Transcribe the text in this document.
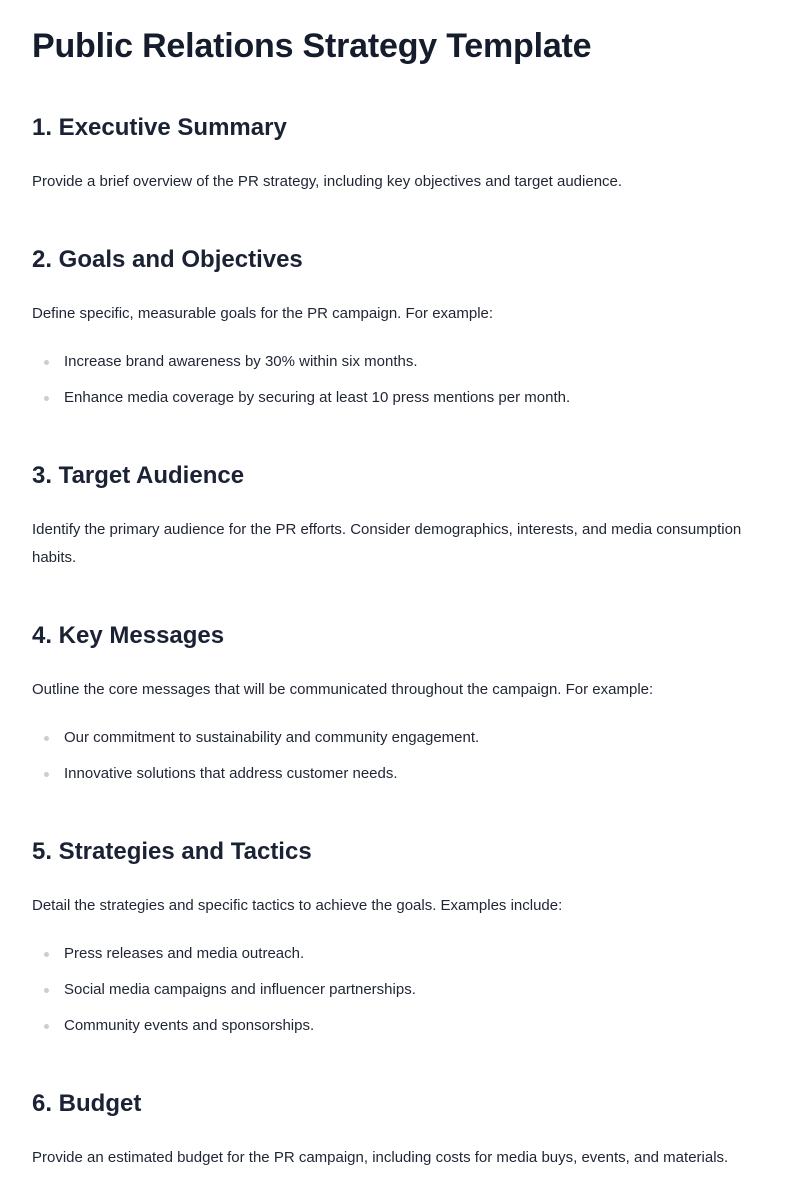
Public Relations Strategy Template
1. Executive Summary

Provide a brief overview of the PR strategy, including key objectives and target audience.

2. Goals and Objectives

Define specific, measurable goals for the PR campaign. For example:

Increase brand awareness by 30% within six months.
Enhance media coverage by securing at least 10 press mentions per month.
3. Target Audience

Identify the primary audience for the PR efforts. Consider demographics, interests, and media consumption habits.

4. Key Messages

Outline the core messages that will be communicated throughout the campaign. For example:

Our commitment to sustainability and community engagement.
Innovative solutions that address customer needs.
5. Strategies and Tactics

Detail the strategies and specific tactics to achieve the goals. Examples include:

Press releases and media outreach.
Social media campaigns and influencer partnerships.
Community events and sponsorships.
6. Budget

Provide an estimated budget for the PR campaign, including costs for media buys, events, and materials.
